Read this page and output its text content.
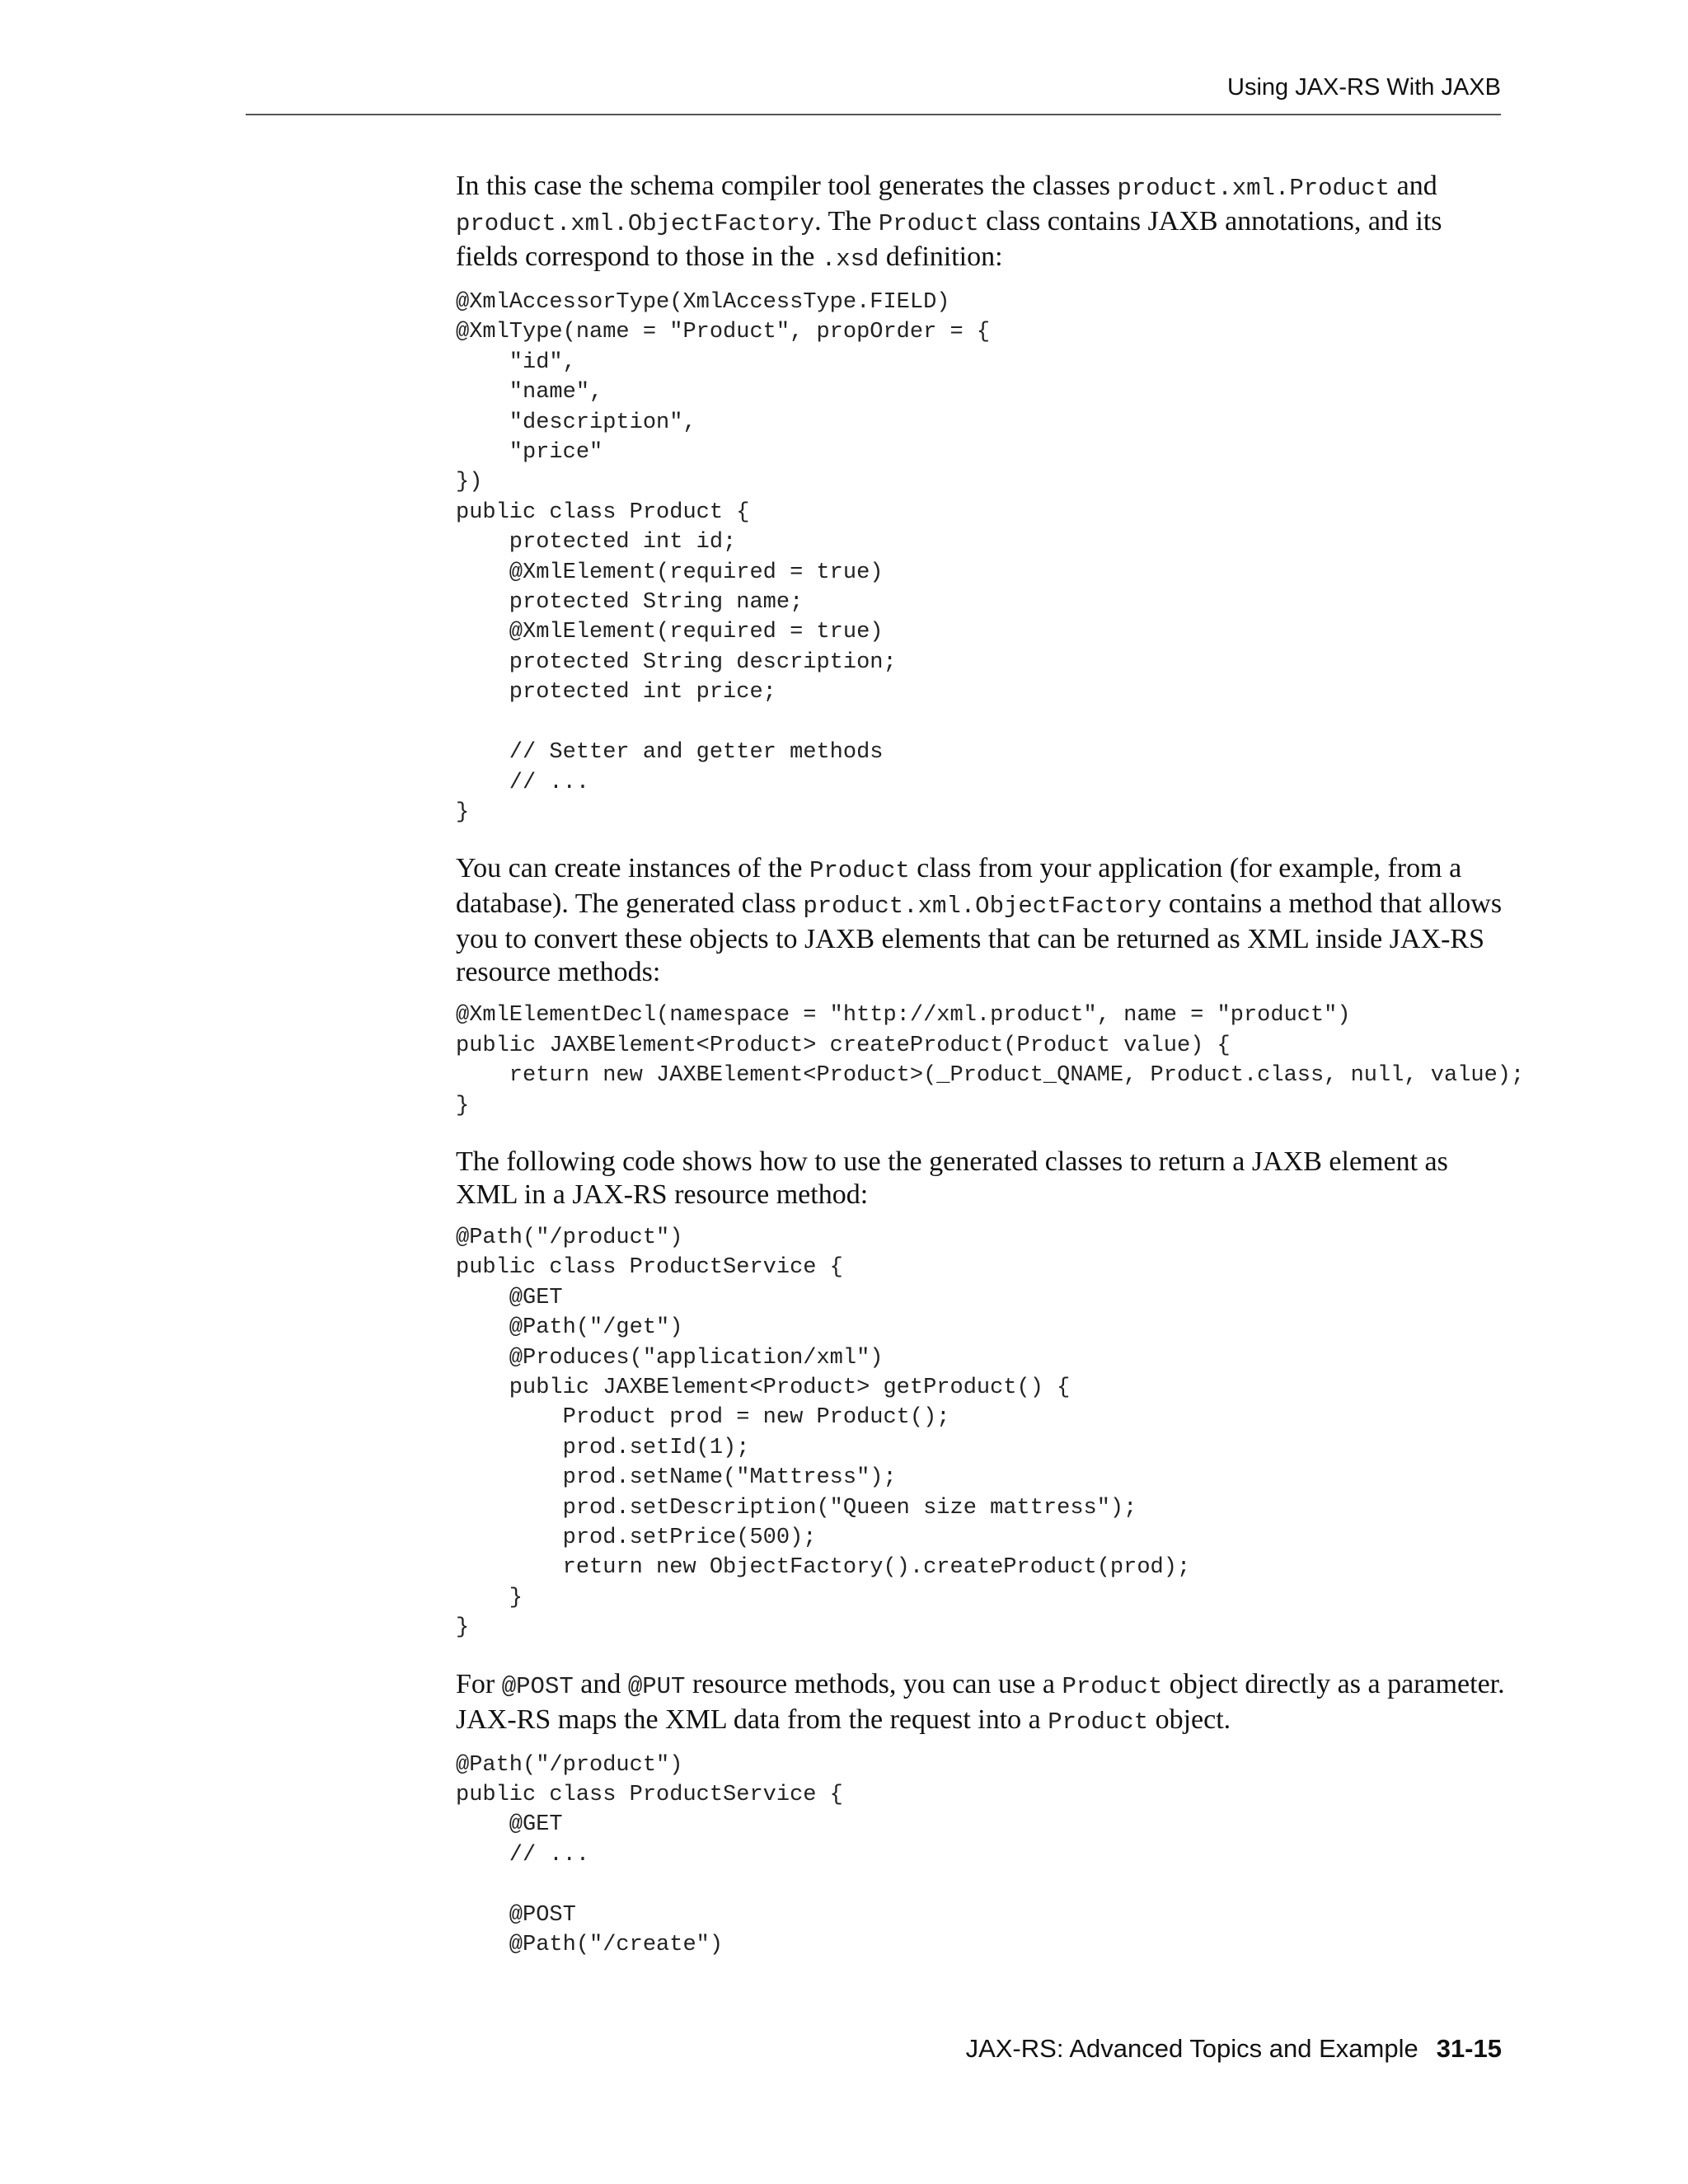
Using JAX-RS With JAXB

In this case the schema compiler tool generates the classes product.xml.Product and product.xml.ObjectFactory. The Product class contains JAXB annotations, and its fields correspond to those in the .xsd definition:

@XmlAccessorType(XmlAccessType.FIELD)
@XmlType(name = "Product", propOrder = {
"id",
"name",
"description",
"price"
})
public class Product {
protected int id;
@XmlElement(required = true)
protected String name;
@XmlElement(required = true)
protected String description;
protected int price;

// Setter and getter methods
// ...
}

You can create instances of the Product class from your application (for example, from a database). The generated class product.xml.ObjectFactory contains a method that allows you to convert these objects to JAXB elements that can be returned as XML inside JAX-RS resource methods:

@XmlElementDecl(namespace = "http://xml.product", name = "product")
public JAXBElement<Product> createProduct(Product value) {
return new JAXBElement<Product>(_Product_QNAME, Product.class, null, value);
}

The following code shows how to use the generated classes to return a JAXB element as XML in a JAX-RS resource method:

@Path("/product")
public class ProductService {
@GET
@Path("/get")
@Produces("application/xml")
public JAXBElement<Product> getProduct() {
Product prod = new Product();
prod.setId(1);
prod.setName("Mattress");
prod.setDescription("Queen size mattress");
prod.setPrice(500);
return new ObjectFactory().createProduct(prod);
}
}

For @POST and @PUT resource methods, you can use a Product object directly as a parameter. JAX-RS maps the XML data from the request into a Product object.

@Path("/product")
public class ProductService {
@GET
// ...

@POST
@Path("/create")
JAX-RS: Advanced Topics and Example 31-15
